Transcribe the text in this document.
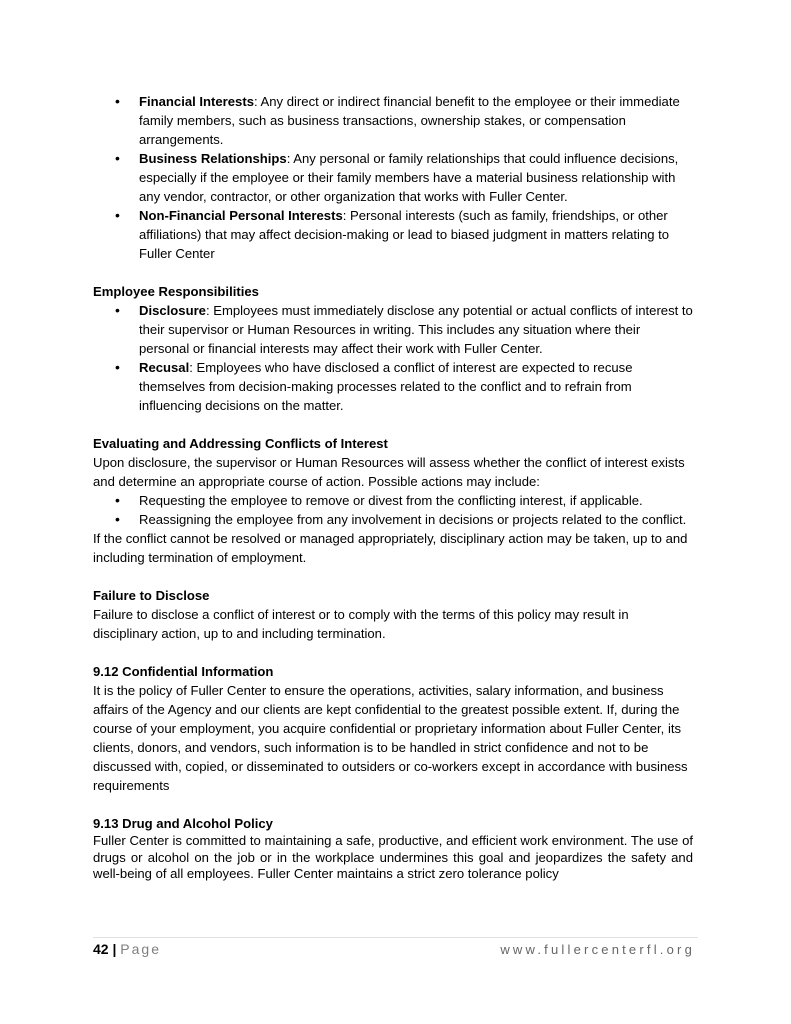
• Financial Interests: Any direct or indirect financial benefit to the employee or their immediate family members, such as business transactions, ownership stakes, or compensation arrangements.
• Business Relationships: Any personal or family relationships that could influence decisions, especially if the employee or their family members have a material business relationship with any vendor, contractor, or other organization that works with Fuller Center.
• Non-Financial Personal Interests: Personal interests (such as family, friendships, or other affiliations) that may affect decision-making or lead to biased judgment in matters relating to Fuller Center
Employee Responsibilities
• Disclosure: Employees must immediately disclose any potential or actual conflicts of interest to their supervisor or Human Resources in writing. This includes any situation where their personal or financial interests may affect their work with Fuller Center.
• Recusal: Employees who have disclosed a conflict of interest are expected to recuse themselves from decision-making processes related to the conflict and to refrain from influencing decisions on the matter.
Evaluating and Addressing Conflicts of Interest
Upon disclosure, the supervisor or Human Resources will assess whether the conflict of interest exists and determine an appropriate course of action. Possible actions may include:
• Requesting the employee to remove or divest from the conflicting interest, if applicable.
• Reassigning the employee from any involvement in decisions or projects related to the conflict.
If the conflict cannot be resolved or managed appropriately, disciplinary action may be taken, up to and including termination of employment.
Failure to Disclose
Failure to disclose a conflict of interest or to comply with the terms of this policy may result in disciplinary action, up to and including termination.
9.12 Confidential Information
It is the policy of Fuller Center to ensure the operations, activities, salary information, and business affairs of the Agency and our clients are kept confidential to the greatest possible extent. If, during the course of your employment, you acquire confidential or proprietary information about Fuller Center, its clients, donors, and vendors, such information is to be handled in strict confidence and not to be discussed with, copied, or disseminated to outsiders or co-workers except in accordance with business requirements
9.13 Drug and Alcohol Policy
Fuller Center is committed to maintaining a safe, productive, and efficient work environment. The use of drugs or alcohol on the job or in the workplace undermines this goal and jeopardizes the safety and well-being of all employees. Fuller Center maintains a strict zero tolerance policy
42 | Page	www.fullercenterfl.org
